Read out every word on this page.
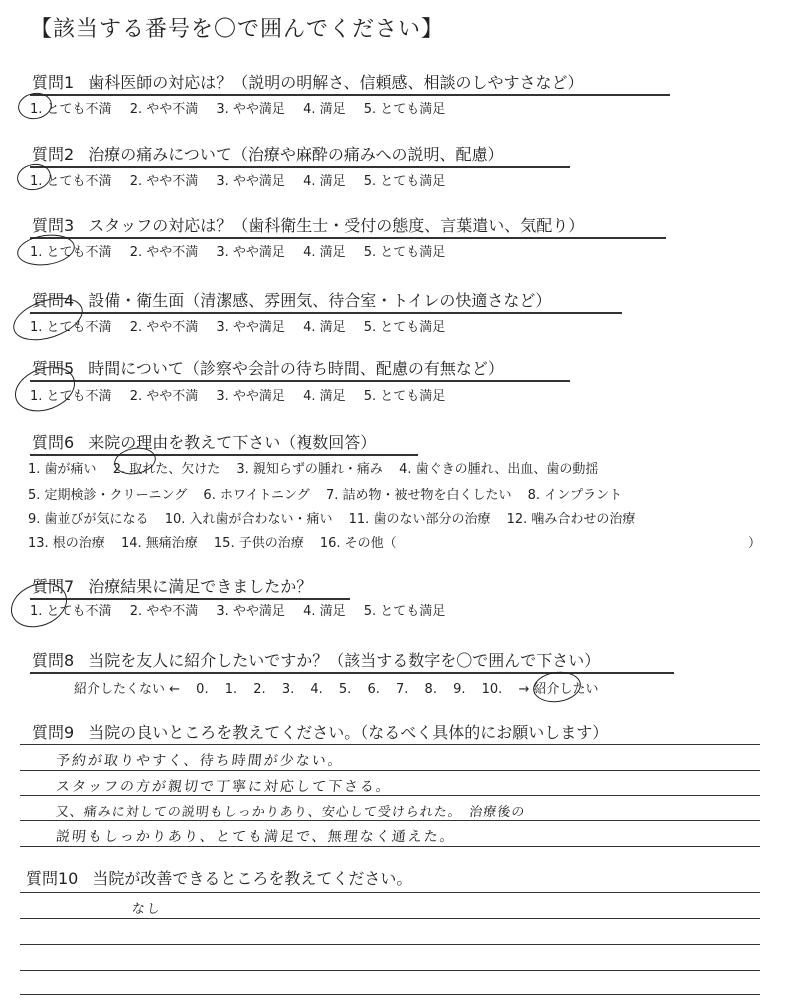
【該当する番号を〇で囲んでください】
質問1 歯科医師の対応は？（説明の明解さ、信頼感、相談のしやすさなど）
1. とても不満 2. やや不満 3. やや満足 4. 満足 5. とても満足
質問2 治療の痛みについて（治療や麻酔の痛みへの説明、配慮）
1. とても不満 2. やや不満 3. やや満足 4. 満足 5. とても満足
質問3 スタッフの対応は？（歯科衛生士・受付の態度、言葉遣い、気配り）
1. とても不満 2. やや不満 3. やや満足 4. 満足 5. とても満足
質問4 設備・衛生面（清潔感、雰囲気、待合室・トイレの快適さなど）
1. とても不満 2. やや不満 3. やや満足 4. 満足 5. とても満足
質問5 時間について（診察や会計の待ち時間、配慮の有無など）
1. とても不満 2. やや不満 3. やや満足 4. 満足 5. とても満足
質問6 来院の理由を教えて下さい（複数回答）
1. 歯が痛い 2. 取れた、欠けた 3. 親知らずの腫れ・痛み 4. 歯ぐきの腫れ、出血、歯の動揺
5. 定期検診・クリーニング 6. ホワイトニング 7. 詰め物・被せ物を白くしたい 8. インプラント
9. 歯並びが気になる 10. 入れ歯が合わない・痛い 11. 歯のない部分の治療 12. 噛み合わせの治療
13. 根の治療 14. 無痛治療 15. 子供の治療 16. その他（	）
質問7 治療結果に満足できましたか？
1. とても不満 2. やや不満 3. やや満足 4. 満足 5. とても満足
質問8 当院を友人に紹介したいですか？（該当する数字を〇で囲んで下さい）
紹介したくない ← 0. 1. 2. 3. 4. 5. 6. 7. 8. 9. 10. → 紹介したい
質問9 当院の良いところを教えてください。（なるべく具体的にお願いします）
予約が取りやすく、待ち時間が少ない。
スタッフの方が親切で丁寧に対応して下さる。
又、痛みに対しての説明もしっかりあり、安心して受けられた。　治療後の
説明もしっかりあり、とても満足で、無理なく通えた。
質問10 当院が改善できるところを教えてください。
なし
